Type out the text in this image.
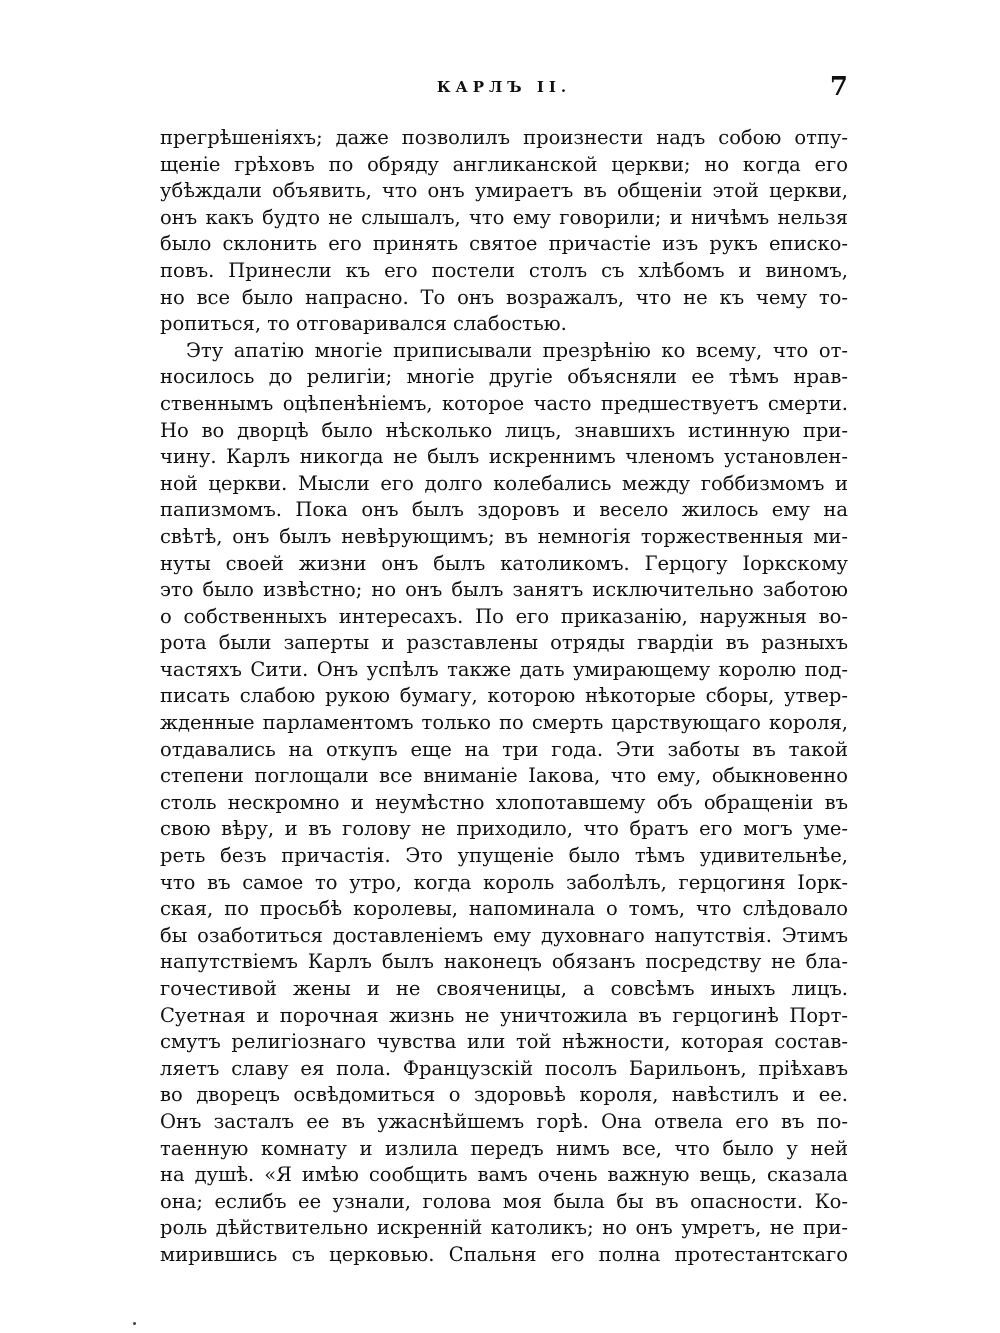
КАРЛЪ II.	7
прегрѣшеніяхъ; даже позволилъ произнести надъ собою отпу-
щеніе грѣховъ по обряду англиканской церкви; но когда его
убѣждали объявить, что онъ умираетъ въ общеніи этой церкви,
онъ какъ будто не слышалъ, что ему говорили; и ничѣмъ нельзя
было склонить его принять святое причастіе изъ рукъ еписко-
повъ. Принесли къ его постели столъ съ хлѣбомъ и виномъ,
но все было напрасно. То онъ возражалъ, что не къ чему то-
ропиться, то отговаривался слабостью.
Эту апатію многіе приписывали презрѣнію ко всему, что от-
носилось до религіи; многіе другіе объясняли ее тѣмъ нрав-
ственнымъ оцѣпенѣніемъ, которое часто предшествуетъ смерти.
Но во дворцѣ было нѣсколько лицъ, знавшихъ истинную при-
чину. Карлъ никогда не былъ искреннимъ членомъ установлен-
ной церкви. Мысли его долго колебались между гоббизмомъ и
папизмомъ. Пока онъ былъ здоровъ и весело жилось ему на
свѣтѣ, онъ былъ невѣрующимъ; въ немногія торжественныя ми-
нуты своей жизни онъ былъ католикомъ. Герцогу Іоркскому
это было извѣстно; но онъ былъ занятъ исключительно заботою
о собственныхъ интересахъ. По его приказанію, наружныя во-
рота были заперты и разставлены отряды гвардіи въ разныхъ
частяхъ Сити. Онъ успѣлъ также дать умирающему королю под-
писать слабою рукою бумагу, которою нѣкоторые сборы, утвер-
жденные парламентомъ только по смерть царствующаго короля,
отдавались на откупъ еще на три года. Эти заботы въ такой
степени поглощали все вниманіе Іакова, что ему, обыкновенно
столь нескромно и неумѣстно хлопотавшему объ обращеніи въ
свою вѣру, и въ голову не приходило, что братъ его могъ уме-
реть безъ причастія. Это упущеніе было тѣмъ удивительнѣе,
что въ самое то утро, когда король заболѣлъ, герцогиня Іорк-
ская, по просьбѣ королевы, напоминала о томъ, что слѣдовало
бы озаботиться доставленіемъ ему духовнаго напутствія. Этимъ
напутствіемъ Карлъ былъ наконецъ обязанъ посредству не бла-
гочестивой жены и не свояченицы, а совсѣмъ иныхъ лицъ.
Суетная и порочная жизнь не уничтожила въ герцогинѣ Порт-
смутъ религіознаго чувства или той нѣжности, которая состав-
ляетъ славу ея пола. Французскій посолъ Барильонъ, пріѣхавъ
во дворецъ освѣдомиться о здоровьѣ короля, навѣстилъ и ее.
Онъ засталъ ее въ ужаснѣйшемъ горѣ. Она отвела его въ по-
таенную комнату и излила передъ нимъ все, что было у ней
на душѣ. «Я имѣю сообщить вамъ очень важную вещь, сказала
она; еслибъ ее узнали, голова моя была бы въ опасности. Ко-
роль дѣйствительно искренній католикъ; но онъ умретъ, не при-
мирившись съ церковью. Спальня его полна протестантскаго
